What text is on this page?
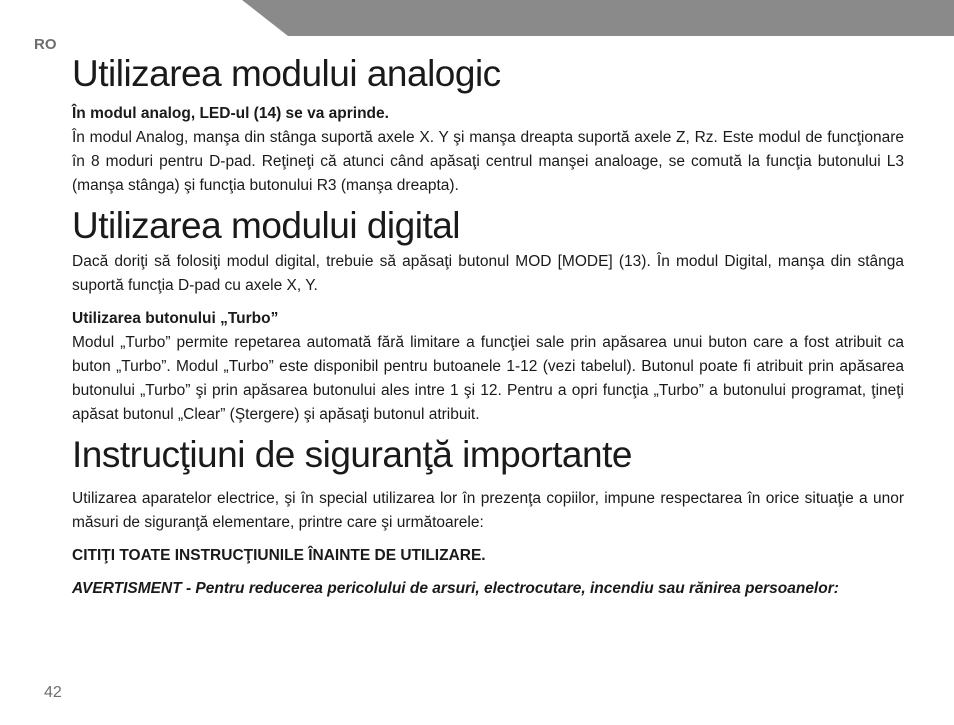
RO
Utilizarea modului analogic

În modul analog, LED-ul (14) se va aprinde.

În modul Analog, manşa din stânga suportă axele X. Y şi manşa dreapta suportă axele Z, Rz. Este modul de funcţionare în 8 moduri pentru D-pad. Reţineţi că atunci când apăsaţi centrul manşei analoage, se comută la funcţia butonului L3 (manşa stânga) şi funcţia butonului R3 (manşa dreapta).

Utilizarea modului digital

Dacă doriţi să folosiţi modul digital, trebuie să apăsaţi butonul MOD [MODE] (13). În modul Digital, manşa din stânga suportă funcţia D-pad cu axele X, Y.

Utilizarea butonului „Turbo”

Modul „Turbo” permite repetarea automată fără limitare a funcţiei sale prin apăsarea unui buton care a fost atribuit ca buton „Turbo”. Modul „Turbo” este disponibil pentru butoanele 1-12 (vezi tabelul). Butonul poate fi atribuit prin apăsarea butonului „Turbo” şi prin apăsarea butonului ales intre 1 şi 12. Pentru a opri funcţia „Turbo” a butonului programat, ţineţi apăsat butonul „Clear” (Ştergere) şi apăsaţi butonul atribuit.

Instrucţiuni de siguranţă importante

Utilizarea aparatelor electrice, şi în special utilizarea lor în prezenţa copiilor, impune respectarea în orice situaţie a unor măsuri de siguranţă elementare, printre care şi următoarele:

CITIŢI TOATE INSTRUCŢIUNILE ÎNAINTE DE UTILIZARE.

AVERTISMENT - Pentru reducerea pericolului de arsuri, electrocutare, incendiu sau rănirea persoanelor:

42
